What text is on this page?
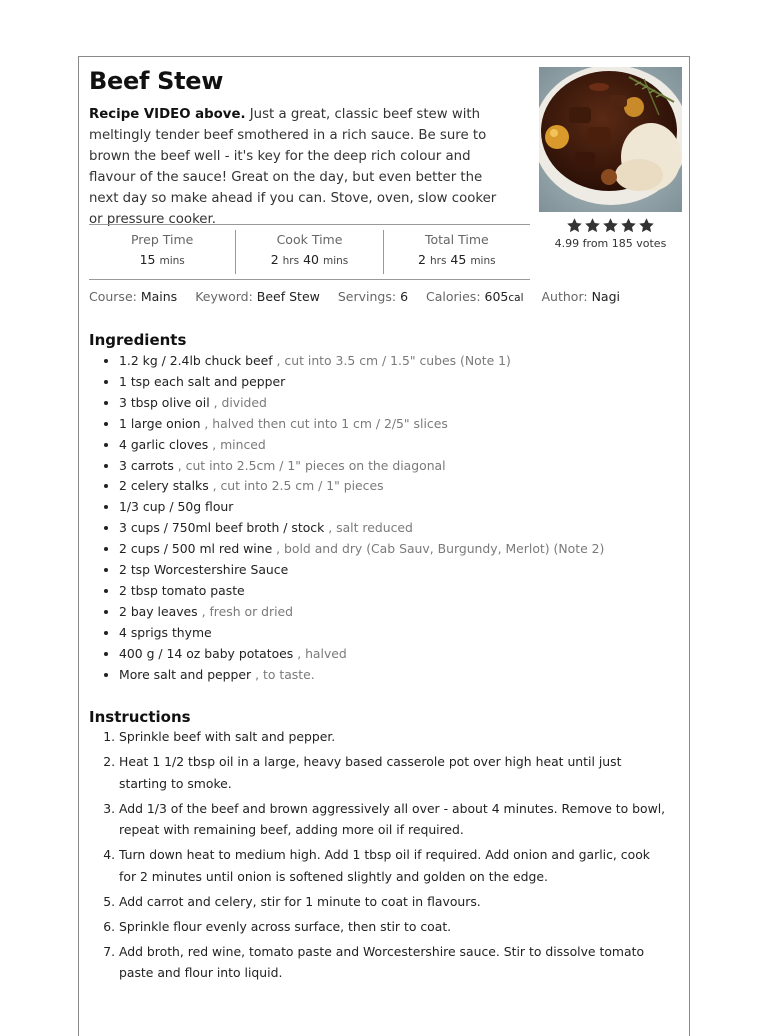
Beef Stew

Recipe VIDEO above. Just a great, classic beef stew with meltingly tender beef smothered in a rich sauce. Be sure to brown the beef well - it's key for the deep rich colour and flavour of the sauce! Great on the day, but even better the next day so make ahead if you can. Stove, oven, slow cooker or pressure cooker.

4.99 from 185 votes
Prep Time
15 mins
Cook Time
2 hrs 40 mins
Total Time
2 hrs 45 mins
Course: Mains Keyword: Beef Stew Servings: 6 Calories: 605cal Author: Nagi
Ingredients
• 1.2 kg / 2.4lb chuck beef , cut into 3.5 cm / 1.5" cubes (Note 1)
• 1 tsp each salt and pepper
• 3 tbsp olive oil , divided
• 1 large onion , halved then cut into 1 cm / 2/5" slices
• 4 garlic cloves , minced
• 3 carrots , cut into 2.5cm / 1" pieces on the diagonal
• 2 celery stalks , cut into 2.5 cm / 1" pieces
• 1/3 cup / 50g flour
• 3 cups / 750ml beef broth / stock , salt reduced
• 2 cups / 500 ml red wine , bold and dry (Cab Sauv, Burgundy, Merlot) (Note 2)
• 2 tsp Worcestershire Sauce
• 2 tbsp tomato paste
• 2 bay leaves , fresh or dried
• 4 sprigs thyme
• 400 g / 14 oz baby potatoes , halved
• More salt and pepper , to taste.
Instructions
1. Sprinkle beef with salt and pepper.
2. Heat 1 1/2 tbsp oil in a large, heavy based casserole pot over high heat until just starting to smoke.
3. Add 1/3 of the beef and brown aggressively all over - about 4 minutes. Remove to bowl, repeat with remaining beef, adding more oil if required.
4. Turn down heat to medium high. Add 1 tbsp oil if required. Add onion and garlic, cook for 2 minutes until onion is softened slightly and golden on the edge.
5. Add carrot and celery, stir for 1 minute to coat in flavours.
6. Sprinkle flour evenly across surface, then stir to coat.
7. Add broth, red wine, tomato paste and Worcestershire sauce. Stir to dissolve tomato paste and flour into liquid.
